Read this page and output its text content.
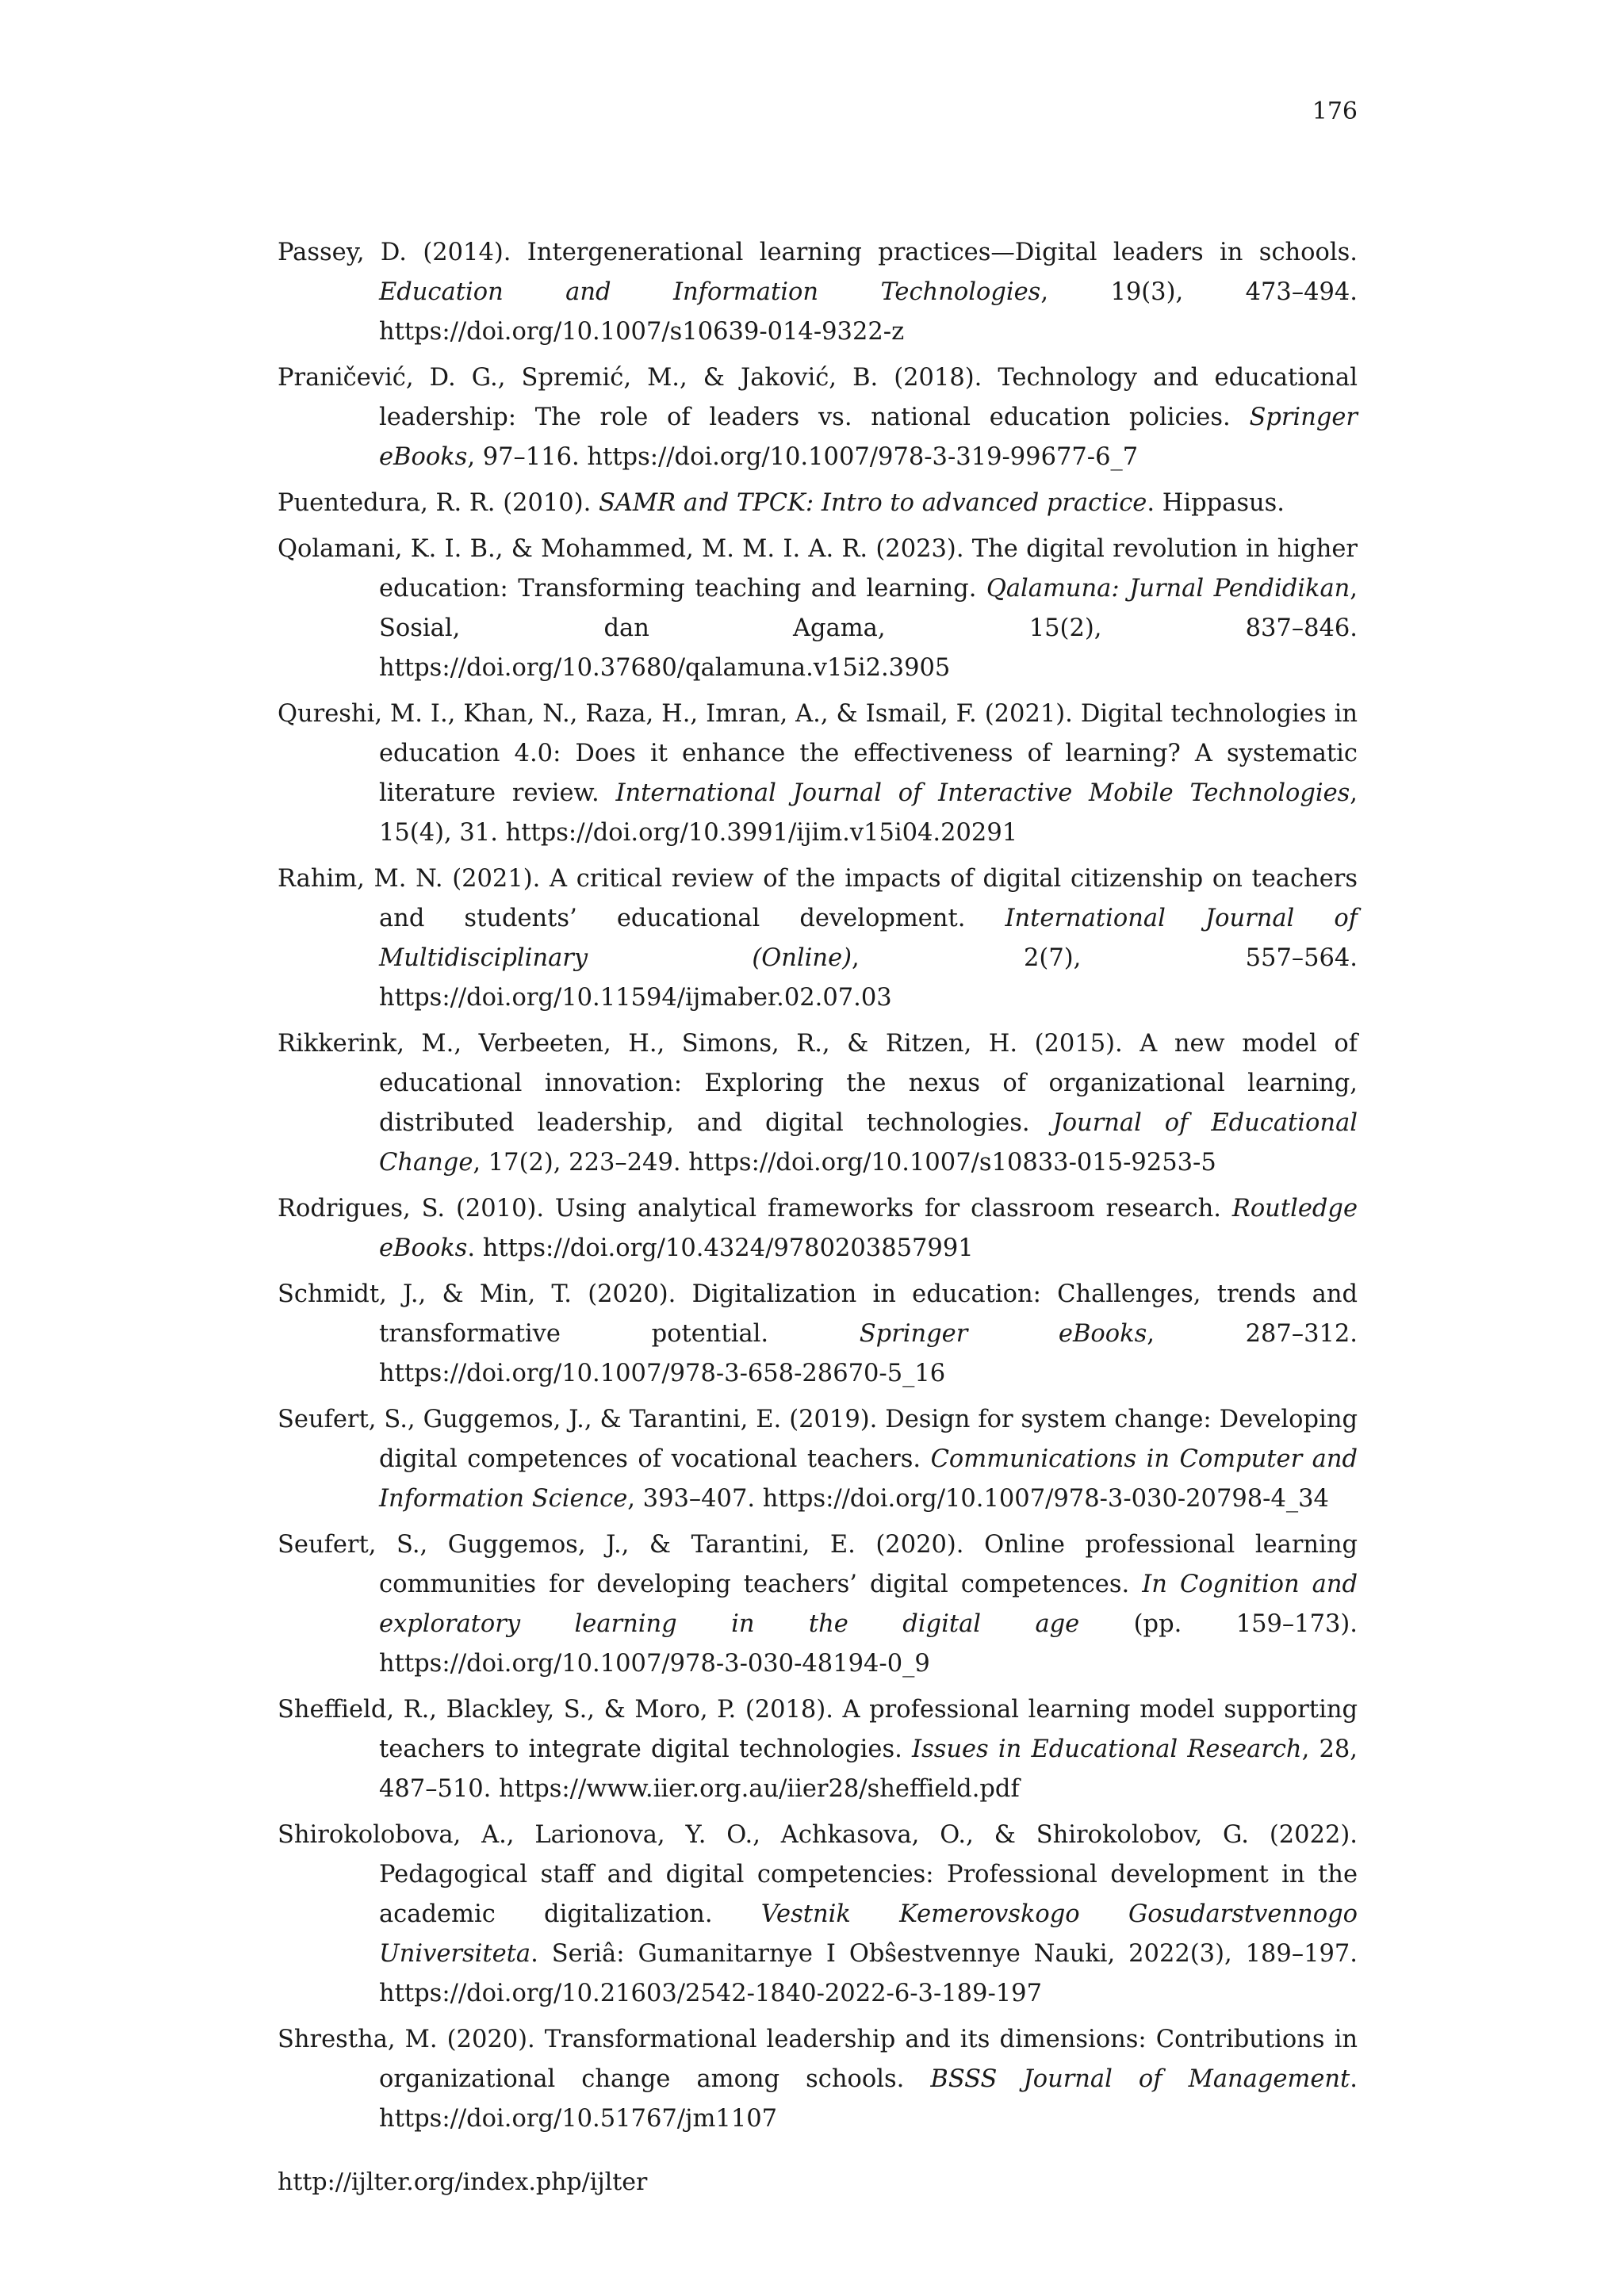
176
Passey, D. (2014). Intergenerational learning practices—Digital leaders in schools. Education and Information Technologies, 19(3), 473–494. https://doi.org/10.1007/s10639-014-9322-z
Praničević, D. G., Spremić, M., & Jaković, B. (2018). Technology and educational leadership: The role of leaders vs. national education policies. Springer eBooks, 97–116. https://doi.org/10.1007/978-3-319-99677-6_7
Puentedura, R. R. (2010). SAMR and TPCK: Intro to advanced practice. Hippasus.
Qolamani, K. I. B., & Mohammed, M. M. I. A. R. (2023). The digital revolution in higher education: Transforming teaching and learning. Qalamuna: Jurnal Pendidikan, Sosial, dan Agama, 15(2), 837–846. https://doi.org/10.37680/qalamuna.v15i2.3905
Qureshi, M. I., Khan, N., Raza, H., Imran, A., & Ismail, F. (2021). Digital technologies in education 4.0: Does it enhance the effectiveness of learning? A systematic literature review. International Journal of Interactive Mobile Technologies, 15(4), 31. https://doi.org/10.3991/ijim.v15i04.20291
Rahim, M. N. (2021). A critical review of the impacts of digital citizenship on teachers and students’ educational development. International Journal of Multidisciplinary (Online), 2(7), 557–564. https://doi.org/10.11594/ijmaber.02.07.03
Rikkerink, M., Verbeeten, H., Simons, R., & Ritzen, H. (2015). A new model of educational innovation: Exploring the nexus of organizational learning, distributed leadership, and digital technologies. Journal of Educational Change, 17(2), 223–249. https://doi.org/10.1007/s10833-015-9253-5
Rodrigues, S. (2010). Using analytical frameworks for classroom research. Routledge eBooks. https://doi.org/10.4324/9780203857991
Schmidt, J., & Min, T. (2020). Digitalization in education: Challenges, trends and transformative potential. Springer eBooks, 287–312. https://doi.org/10.1007/978-3-658-28670-5_16
Seufert, S., Guggemos, J., & Tarantini, E. (2019). Design for system change: Developing digital competences of vocational teachers. Communications in Computer and Information Science, 393–407. https://doi.org/10.1007/978-3-030-20798-4_34
Seufert, S., Guggemos, J., & Tarantini, E. (2020). Online professional learning communities for developing teachers’ digital competences. In Cognition and exploratory learning in the digital age (pp. 159–173). https://doi.org/10.1007/978-3-030-48194-0_9
Sheffield, R., Blackley, S., & Moro, P. (2018). A professional learning model supporting teachers to integrate digital technologies. Issues in Educational Research, 28, 487–510. https://www.iier.org.au/iier28/sheffield.pdf
Shirokolobova, A., Larionova, Y. O., Achkasova, O., & Shirokolobov, G. (2022). Pedagogical staff and digital competencies: Professional development in the academic digitalization. Vestnik Kemerovskogo Gosudarstvennogo Universiteta. Seriâ: Gumanitarnye I Obŝestvennye Nauki, 2022(3), 189–197. https://doi.org/10.21603/2542-1840-2022-6-3-189-197
Shrestha, M. (2020). Transformational leadership and its dimensions: Contributions in organizational change among schools. BSSS Journal of Management. https://doi.org/10.51767/jm1107
http://ijlter.org/index.php/ijlter
